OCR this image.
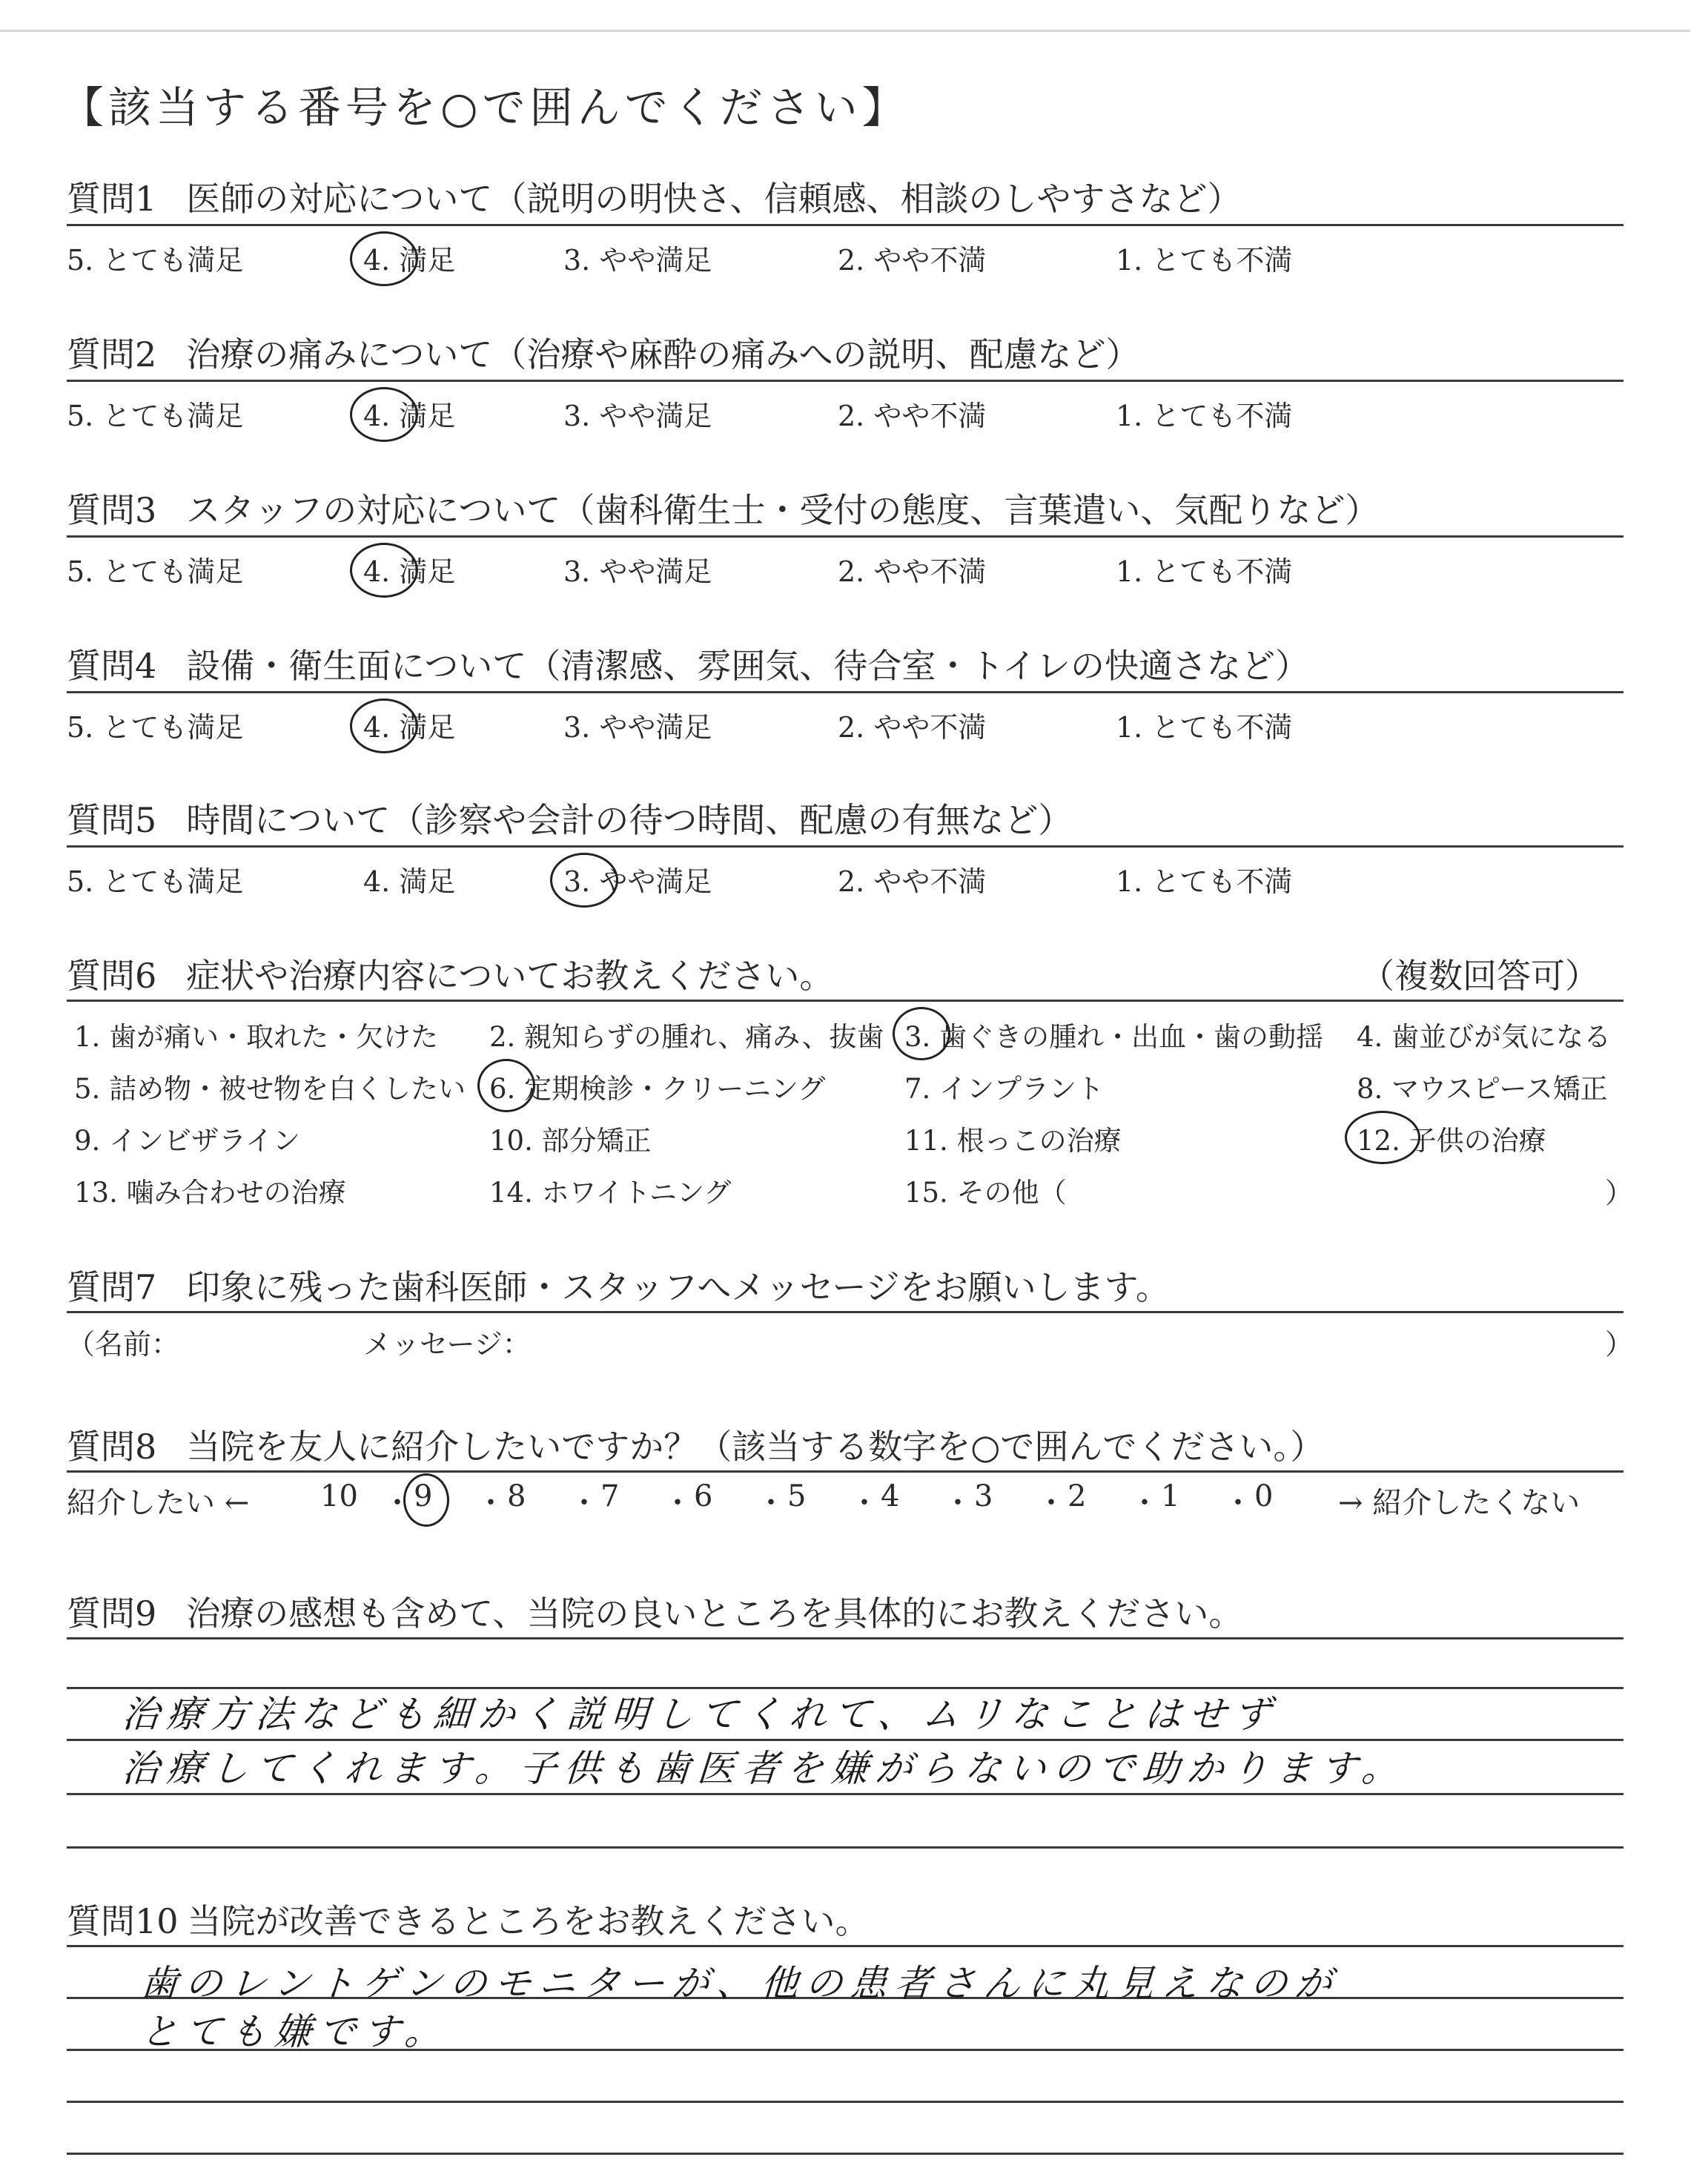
【該当する番号を○で囲んでください】
質問1 医師の対応について（説明の明快さ、信頼感、相談のしやすさなど）
5. とても満足	4. 満足	3. やや満足	2. やや不満	1. とても不満
質問2 治療の痛みについて（治療や麻酔の痛みへの説明、配慮など）
5. とても満足	4. 満足	3. やや満足	2. やや不満	1. とても不満
質問3 スタッフの対応について（歯科衛生士・受付の態度、言葉遣い、気配りなど）
5. とても満足	4. 満足	3. やや満足	2. やや不満	1. とても不満
質問4 設備・衛生面について（清潔感、雰囲気、待合室・トイレの快適さなど）
5. とても満足	4. 満足	3. やや満足	2. やや不満	1. とても不満
質問5 時間について（診察や会計の待つ時間、配慮の有無など）
5. とても満足	4. 満足	3. やや満足	2. やや不満	1. とても不満
質問6 症状や治療内容についてお教えください。	（複数回答可）
1. 歯が痛い・取れた・欠けた 2. 親知らずの腫れ、痛み、抜歯 3. 歯ぐきの腫れ・出血・歯の動揺 4. 歯並びが気になる
5. 詰め物・被せ物を白くしたい 6. 定期検診・クリーニング	7. インプラント	8. マウスピース矯正
9. インビザライン	10. 部分矯正	11. 根っこの治療	12. 子供の治療
13. 噛み合わせの治療	14. ホワイトニング	15. その他（	）
質問7 印象に残った歯科医師・スタッフへメッセージをお願いします。
（名前：	メッセージ：	）
質問8 当院を友人に紹介したいですか？（該当する数字を○で囲んでください。）
紹介したい ←	→ 紹介したくない
10 ・ 9 ・ 8 ・ 7 ・ 6 ・ 5 ・ 4 ・ 3 ・ 2 ・ 1 ・ 0
質問9 治療の感想も含めて、当院の良いところを具体的にお教えください。
治療方法なども細かく説明してくれて、ムリなことはせず
治療してくれます。子供も歯医者を嫌がらないので助かります。
質問10 当院が改善できるところをお教えください。
歯のレントゲンのモニターが、他の患者さんに丸見えなのが
とても嫌です。
